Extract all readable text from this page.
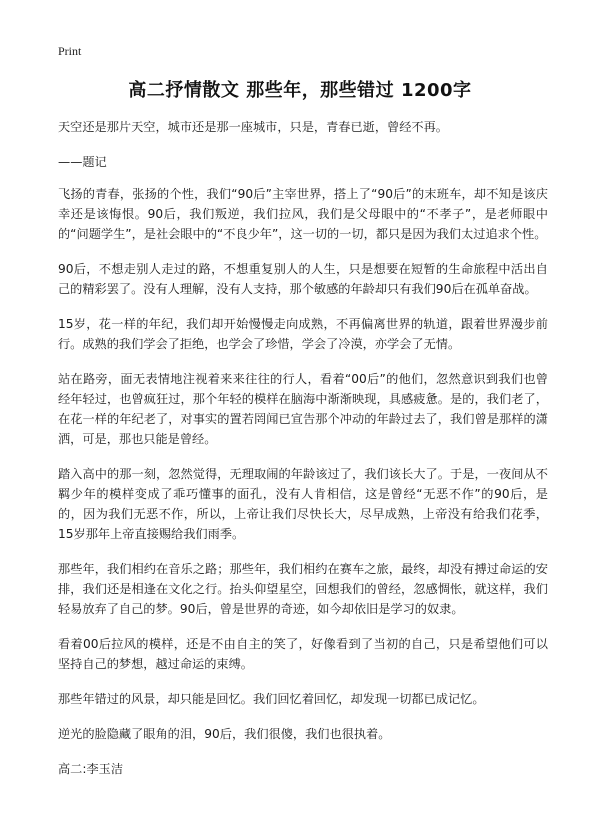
Print
高二抒情散文 那些年，那些错过 1200字

天空还是那片天空，城市还是那一座城市，只是，青春已逝，曾经不再。

——题记

飞扬的青春，张扬的个性，我们“90后”主宰世界，搭上了“90后”的末班车，却不知是该庆幸还是该悔恨。90后，我们叛逆，我们拉风，我们是父母眼中的“不孝子”，是老师眼中的“问题学生”，是社会眼中的“不良少年”，这一切的一切，都只是因为我们太过追求个性。

90后，不想走别人走过的路，不想重复别人的人生，只是想要在短暂的生命旅程中活出自己的精彩罢了。没有人理解，没有人支持，那个敏感的年龄却只有我们90后在孤单奋战。

15岁，花一样的年纪，我们却开始慢慢走向成熟，不再偏离世界的轨道，跟着世界漫步前行。成熟的我们学会了拒绝，也学会了珍惜，学会了冷漠，亦学会了无情。

站在路旁，面无表情地注视着来来往往的行人，看着“00后”的他们，忽然意识到我们也曾经年轻过，也曾疯狂过，那个年轻的模样在脑海中渐渐映现，具感疲惫。是的，我们老了，在花一样的年纪老了，对事实的置若罔闻已宣告那个冲动的年龄过去了，我们曾是那样的潇洒，可是，那也只能是曾经。

踏入高中的那一刻，忽然觉得，无理取闹的年龄该过了，我们该长大了。于是，一夜间从不羁少年的模样变成了乖巧懂事的面孔，没有人肯相信，这是曾经“无恶不作”的90后，是的，因为我们无恶不作，所以，上帝让我们尽快长大，尽早成熟，上帝没有给我们花季，15岁那年上帝直接赐给我们雨季。

那些年，我们相约在音乐之路；那些年，我们相约在赛车之旅，最终，却没有搏过命运的安排，我们还是相逢在文化之行。抬头仰望星空，回想我们的曾经，忽感惆怅，就这样，我们轻易放弃了自己的梦。90后，曾是世界的奇迹，如今却依旧是学习的奴隶。

看着00后拉风的模样，还是不由自主的笑了，好像看到了当初的自己，只是希望他们可以坚持自己的梦想，越过命运的束缚。

那些年错过的风景，却只能是回忆。我们回忆着回忆，却发现一切都已成记忆。

逆光的脸隐藏了眼角的泪，90后，我们很傻，我们也很执着。

高二:李玉洁
